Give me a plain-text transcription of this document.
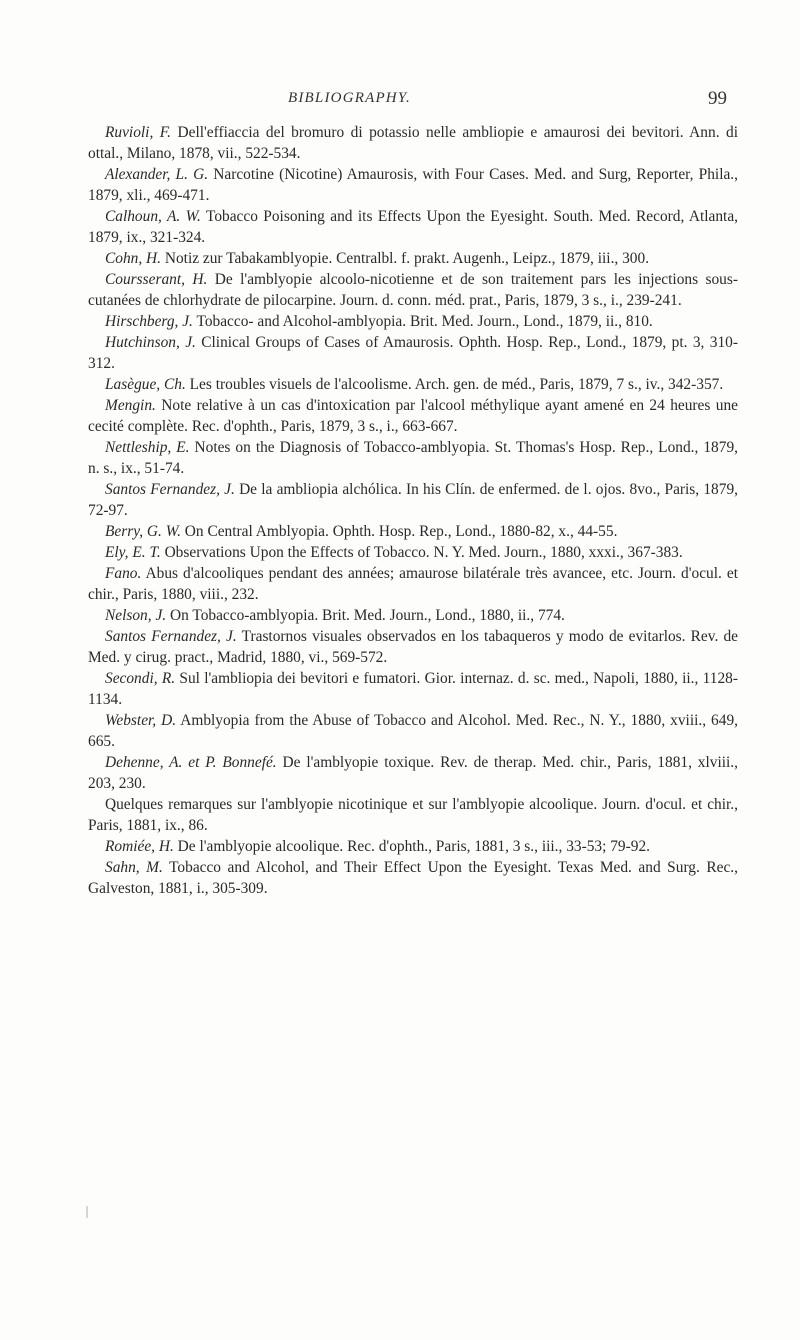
BIBLIOGRAPHY.	99

Ruvioli, F. Dell'effiaccia del bromuro di potassio nelle ambliopie e amaurosi dei bevitori. Ann. di ottal., Milano, 1878, vii., 522-534.

Alexander, L. G. Narcotine (Nicotine) Amaurosis, with Four Cases. Med. and Surg, Reporter, Phila., 1879, xli., 469-471.

Calhoun, A. W. Tobacco Poisoning and its Effects Upon the Eyesight. South. Med. Record, Atlanta, 1879, ix., 321-324.

Cohn, H. Notiz zur Tabakamblyopie. Centralbl. f. prakt. Augenh., Leipz., 1879, iii., 300.

Coursserant, H. De l'amblyopie alcoolo-nicotienne et de son traitement pars les injections sous-cutanées de chlorhydrate de pilocarpine. Journ. d. conn. méd. prat., Paris, 1879, 3 s., i., 239-241.

Hirschberg, J. Tobacco- and Alcohol-amblyopia. Brit. Med. Journ., Lond., 1879, ii., 810.

Hutchinson, J. Clinical Groups of Cases of Amaurosis. Ophth. Hosp. Rep., Lond., 1879, pt. 3, 310-312.

Lasègue, Ch. Les troubles visuels de l'alcoolisme. Arch. gen. de méd., Paris, 1879, 7 s., iv., 342-357.

Mengin. Note relative à un cas d'intoxication par l'alcool méthylique ayant amené en 24 heures une cecité complète. Rec. d'ophth., Paris, 1879, 3 s., i., 663-667.

Nettleship, E. Notes on the Diagnosis of Tobacco-amblyopia. St. Thomas's Hosp. Rep., Lond., 1879, n. s., ix., 51-74.

Santos Fernandez, J. De la ambliopia alchólica. In his Clín. de enfermed. de l. ojos. 8vo., Paris, 1879, 72-97.

Berry, G. W. On Central Amblyopia. Ophth. Hosp. Rep., Lond., 1880-82, x., 44-55.

Ely, E. T. Observations Upon the Effects of Tobacco. N. Y. Med. Journ., 1880, xxxi., 367-383.

Fano. Abus d'alcooliques pendant des années; amaurose bilatérale très avancee, etc. Journ. d'ocul. et chir., Paris, 1880, viii., 232.

Nelson, J. On Tobacco-amblyopia. Brit. Med. Journ., Lond., 1880, ii., 774.

Santos Fernandez, J. Trastornos visuales observados en los tabaqueros y modo de evitarlos. Rev. de Med. y cirug. pract., Madrid, 1880, vi., 569-572.

Secondi, R. Sul l'ambliopia dei bevitori e fumatori. Gior. internaz. d. sc. med., Napoli, 1880, ii., 1128-1134.

Webster, D. Amblyopia from the Abuse of Tobacco and Alcohol. Med. Rec., N. Y., 1880, xviii., 649, 665.

Dehenne, A. et P. Bonnefé. De l'amblyopie toxique. Rev. de therap. Med. chir., Paris, 1881, xlviii., 203, 230.

Quelques remarques sur l'amblyopie nicotinique et sur l'amblyopie alcoolique. Journ. d'ocul. et chir., Paris, 1881, ix., 86.

Romiée, H. De l'amblyopie alcoolique. Rec. d'ophth., Paris, 1881, 3 s., iii., 33-53; 79-92.

Sahn, M. Tobacco and Alcohol, and Their Effect Upon the Eyesight. Texas Med. and Surg. Rec., Galveston, 1881, i., 305-309.
